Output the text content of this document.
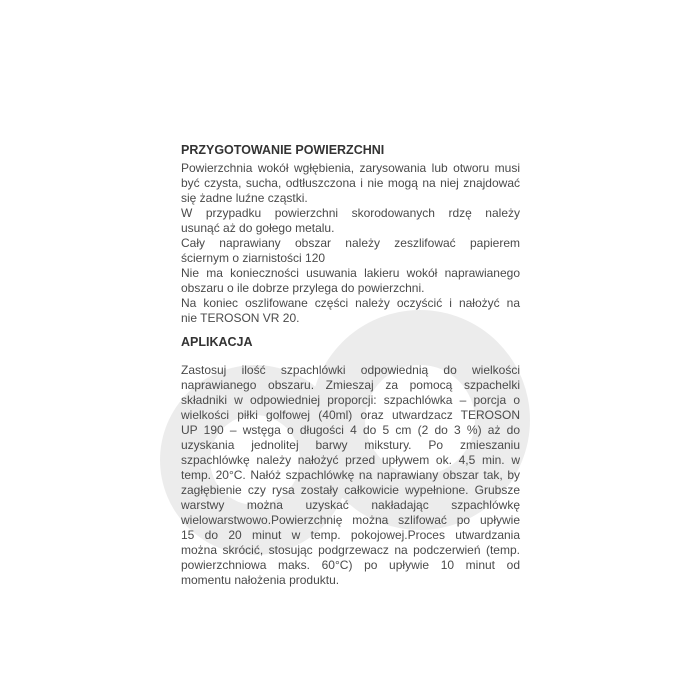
PRZYGOTOWANIE POWIERZCHNI
Powierzchnia wokół wgłębienia, zarysowania lub otworu musi
być czysta, sucha, odtłuszczona i nie mogą na niej znajdować
się żadne luźne cząstki.
W przypadku powierzchni skorodowanych rdzę należy
usunąć aż do gołego metalu.
Cały naprawiany obszar należy zeszlifować papierem
ściernym o ziarnistości 120
Nie ma konieczności usuwania lakieru wokół naprawianego
obszaru o ile dobrze przylega do powierzchni.
Na koniec oszlifowane części należy oczyścić i nałożyć na
nie TEROSON VR 20.
APLIKACJA
Zastosuj ilość szpachlówki odpowiednią do wielkości
naprawianego obszaru. Zmieszaj za pomocą szpachelki
składniki w odpowiedniej proporcji: szpachlówka – porcja o
wielkości piłki golfowej (40ml) oraz utwardzacz TEROSON
UP 190 – wstęga o długości 4 do 5 cm (2 do 3 %) aż do
uzyskania jednolitej barwy mikstury. Po zmieszaniu
szpachlówkę należy nałożyć przed upływem ok. 4,5 min. w
temp. 20°C. Nałóż szpachlówkę na naprawiany obszar tak, by
zagłębienie czy rysa zostały całkowicie wypełnione. Grubsze
warstwy można uzyskać nakładając szpachlówkę
wielowarstwowo.Powierzchnię można szlifować po upływie
15 do 20 minut w temp. pokojowej.Proces utwardzania
można skrócić, stosując podgrzewacz na podczerwień (temp.
powierzchniowa maks. 60°C) po upływie 10 minut od
momentu nałożenia produktu.
